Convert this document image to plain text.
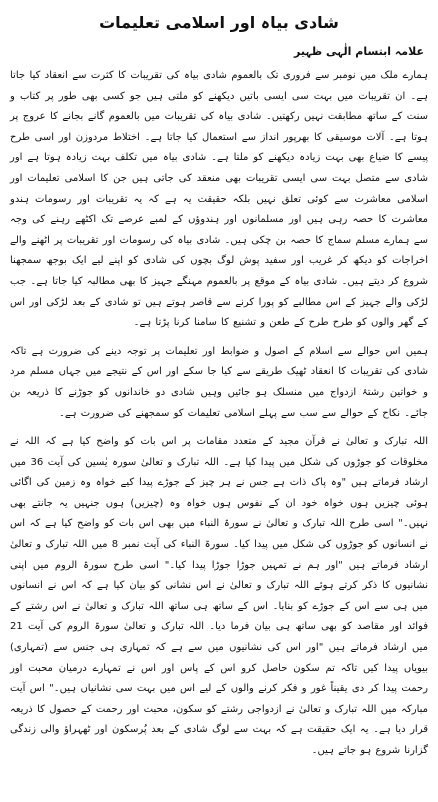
شادی بیاہ اور اسلامی تعلیمات
علامہ ابتسام الٰہی ظہیر

ہمارے ملک میں نومبر سے فروری تک بالعموم شادی بیاہ کی تقریبات کا کثرت سے انعقاد کیا جاتا ہے۔ ان تقریبات میں بہت سی ایسی باتیں دیکھنے کو ملتی ہیں جو کسی بھی طور پر کتاب و سنت کے ساتھ مطابقت نہیں رکھتیں۔ شادی بیاہ کی تقریبات میں بالعموم گانے بجانے کا عروج پر ہوتا ہے۔ آلات موسیقی کا بھرپور انداز سے استعمال کیا جاتا ہے۔ اختلاط مردوزن اور اسی طرح پیسے کا ضیاع بھی بہت زیادہ دیکھنے کو ملتا ہے۔ شادی بیاہ میں تکلف بہت زیادہ ہوتا ہے اور شادی سے متصل بہت سی ایسی تقریبات بھی منعقد کی جاتی ہیں جن کا اسلامی تعلیمات اور اسلامی معاشرت سے کوئی تعلق نہیں بلکہ حقیقت یہ ہے کہ یہ تقریبات اور رسومات ہندو معاشرت کا حصہ رہی ہیں اور مسلمانوں اور ہندوؤں کے لمبے عرصے تک اکٹھے رہنے کی وجہ سے ہمارے مسلم سماج کا حصہ بن چکی ہیں۔ شادی بیاہ کی رسومات اور تقریبات پر اٹھنے والے اخراجات کو دیکھ کر غریب اور سفید پوش لوگ بچوں کی شادی کو اپنے لیے ایک بوجھ سمجھنا شروع کر دیتے ہیں۔ شادی بیاہ کے موقع پر بالعموم مہنگے جہیز کا بھی مطالبہ کیا جاتا ہے۔ جب لڑکی والے جہیز کے اس مطالبے کو پورا کرنے سے قاصر ہوتے ہیں تو شادی کے بعد لڑکی اور اس کے گھر والوں کو طرح طرح کے طعن و تشنیع کا سامنا کرنا پڑتا ہے۔

ہمیں اس حوالے سے اسلام کے اصول و ضوابط اور تعلیمات پر توجہ دینے کی ضرورت ہے تاکہ شادی کی تقریبات کا انعقاد ٹھیک طریقے سے کیا جا سکے اور اس کے نتیجے میں جہاں مسلم مرد و خواتین رشتۂ ازدواج میں منسلک ہو جائیں وہیں شادی دو خاندانوں کو جوڑنے کا ذریعہ بن جائے۔ نکاح کے حوالے سے سب سے پہلے اسلامی تعلیمات کو سمجھنے کی ضرورت ہے۔

اللہ تبارک و تعالیٰ نے قرآن مجید کے متعدد مقامات پر اس بات کو واضح کیا ہے کہ اللہ نے مخلوقات کو جوڑوں کی شکل میں پیدا کیا ہے۔ اللہ تبارک و تعالیٰ سورہ یٰسین کی آیت 36 میں ارشاد فرماتے ہیں "وہ پاک ذات ہے جس نے ہر چیز کے جوڑے پیدا کیے خواہ وہ زمین کی اگائی ہوئی چیزیں ہوں خواہ خود ان کے نفوس ہوں خواہ وہ (چیزیں) ہوں جنہیں یہ جانتے بھی نہیں۔" اسی طرح اللہ تبارک و تعالیٰ نے سورۃ النباء میں بھی اس بات کو واضح کیا ہے کہ اس نے انسانوں کو جوڑوں کی شکل میں پیدا کیا۔ سورۃ النباء کی آیت نمبر 8 میں اللہ تبارک و تعالیٰ ارشاد فرماتے ہیں "اور ہم نے تمہیں جوڑا جوڑا پیدا کیا۔" اسی طرح سورۃ الروم میں اپنی نشانیوں کا ذکر کرتے ہوئے اللہ تبارک و تعالیٰ نے اس نشانی کو بیان کیا ہے کہ اس نے انسانوں میں ہی سے اس کے جوڑے کو بنایا۔ اس کے ساتھ ہی ساتھ اللہ تبارک و تعالیٰ نے اس رشتے کے فوائد اور مقاصد کو بھی ساتھ ہی بیان فرما دیا۔ اللہ تبارک و تعالیٰ سورۃ الروم کی آیت 21 میں ارشاد فرماتے ہیں "اور اس کی نشانیوں میں سے ہے کہ تمہاری ہی جنس سے (تمہاری) بیویاں پیدا کیں تاکہ تم سکون حاصل کرو اس کے پاس اور اس نے تمہارے درمیان محبت اور رحمت پیدا کر دی یقیناً غور و فکر کرنے والوں کے لیے اس میں بہت سی نشانیاں ہیں۔" اس آیت مبارکہ میں اللہ تبارک و تعالیٰ نے ازدواجی رشتے کو سکون، محبت اور رحمت کے حصول کا ذریعہ قرار دیا ہے۔ یہ ایک حقیقت ہے کہ بہت سے لوگ شادی کے بعد پُرسکون اور ٹھہراؤ والی زندگی گزارنا شروع ہو جاتے ہیں۔
